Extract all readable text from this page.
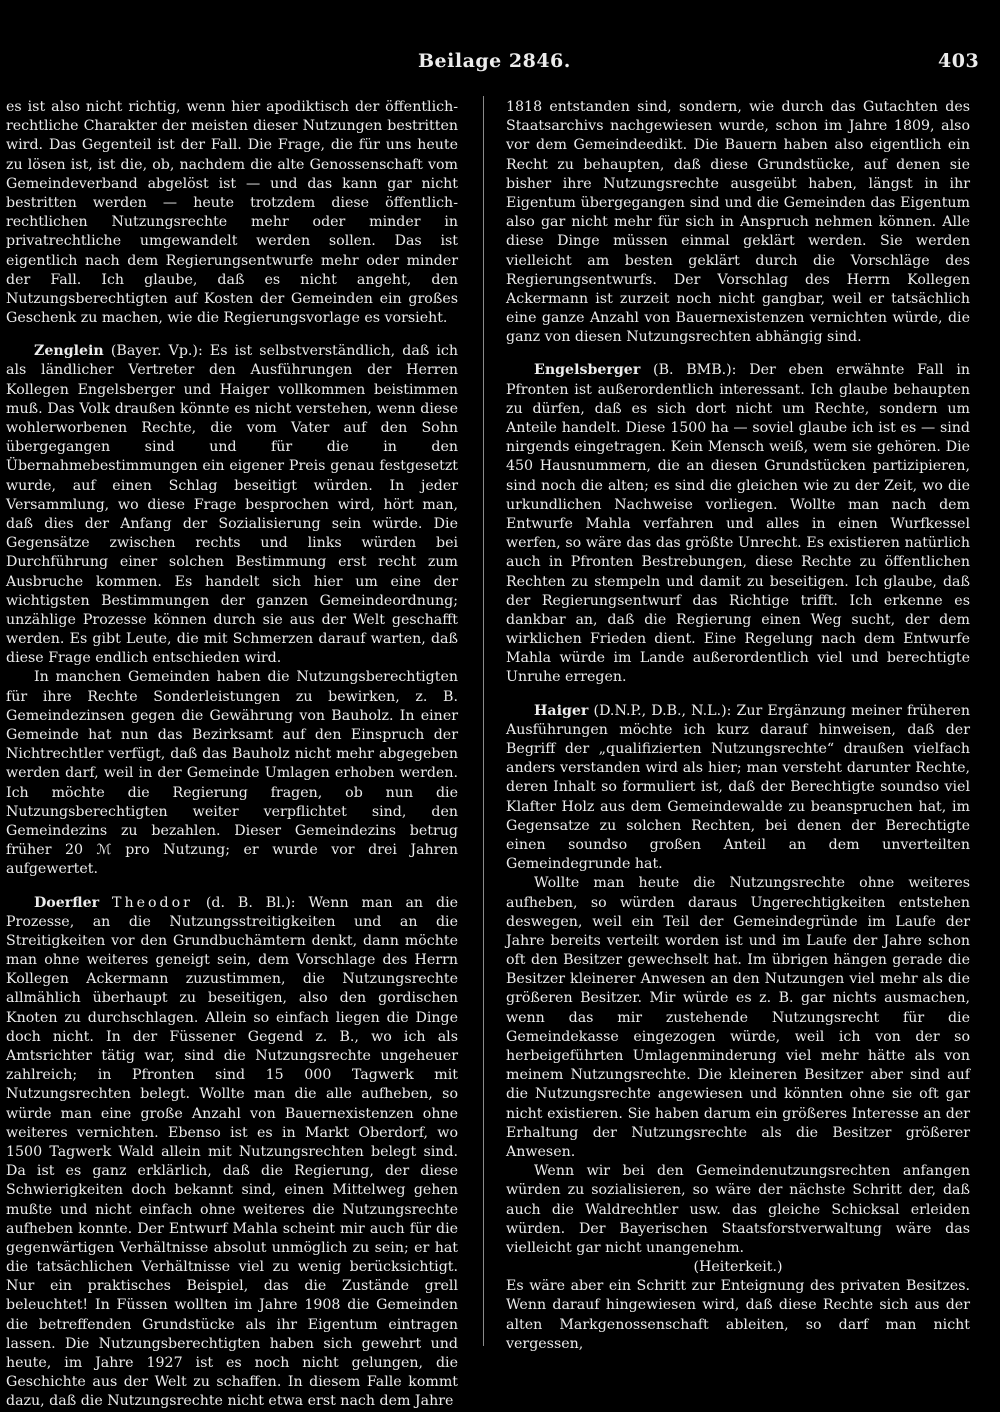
Beilage 2846.	403

es ist also nicht richtig, wenn hier apodiktisch der öffentlich-rechtliche Charakter der meisten dieser Nutzungen bestritten wird. Das Gegenteil ist der Fall. Die Frage, die für uns heute zu lösen ist, ist die, ob, nachdem die alte Genossenschaft vom Gemeindeverband abgelöst ist — und das kann gar nicht bestritten werden — heute trotzdem diese öffentlich-rechtlichen Nutzungsrechte mehr oder minder in privatrechtliche umgewandelt werden sollen. Das ist eigentlich nach dem Regierungsentwurfe mehr oder minder der Fall. Ich glaube, daß es nicht angeht, den Nutzungsberechtigten auf Kosten der Gemeinden ein großes Geschenk zu machen, wie die Regierungsvorlage es vorsieht.

Zenglein (Bayer. Vp.): Es ist selbstverständlich, daß ich als ländlicher Vertreter den Ausführungen der Herren Kollegen Engelsberger und Haiger vollkommen beistimmen muß. Das Volk draußen könnte es nicht verstehen, wenn diese wohlerworbenen Rechte, die vom Vater auf den Sohn übergegangen sind und für die in den Übernahmebestimmungen ein eigener Preis genau festgesetzt wurde, auf einen Schlag beseitigt würden. In jeder Versammlung, wo diese Frage besprochen wird, hört man, daß dies der Anfang der Sozialisierung sein würde. Die Gegensätze zwischen rechts und links würden bei Durchführung einer solchen Bestimmung erst recht zum Ausbruche kommen. Es handelt sich hier um eine der wichtigsten Bestimmungen der ganzen Gemeindeordnung; unzählige Prozesse können durch sie aus der Welt geschafft werden. Es gibt Leute, die mit Schmerzen darauf warten, daß diese Frage endlich entschieden wird.

In manchen Gemeinden haben die Nutzungsberechtigten für ihre Rechte Sonderleistungen zu bewirken, z. B. Gemeindezinsen gegen die Gewährung von Bauholz. In einer Gemeinde hat nun das Bezirksamt auf den Einspruch der Nichtrechtler verfügt, daß das Bauholz nicht mehr abgegeben werden darf, weil in der Gemeinde Umlagen erhoben werden. Ich möchte die Regierung fragen, ob nun die Nutzungsberechtigten weiter verpflichtet sind, den Gemeindezins zu bezahlen. Dieser Gemeindezins betrug früher 20 ℳ pro Nutzung; er wurde vor drei Jahren aufgewertet.

Doerfler Theodor (d. B. Bl.): Wenn man an die Prozesse, an die Nutzungsstreitigkeiten und an die Streitigkeiten vor den Grundbuchämtern denkt, dann möchte man ohne weiteres geneigt sein, dem Vorschlage des Herrn Kollegen Ackermann zuzustimmen, die Nutzungsrechte allmählich überhaupt zu beseitigen, also den gordischen Knoten zu durchschlagen. Allein so einfach liegen die Dinge doch nicht. In der Füssener Gegend z. B., wo ich als Amtsrichter tätig war, sind die Nutzungsrechte ungeheuer zahlreich; in Pfronten sind 15 000 Tagwerk mit Nutzungsrechten belegt. Wollte man die alle aufheben, so würde man eine große Anzahl von Bauernexistenzen ohne weiteres vernichten. Ebenso ist es in Markt Oberdorf, wo 1500 Tagwerk Wald allein mit Nutzungsrechten belegt sind. Da ist es ganz erklärlich, daß die Regierung, der diese Schwierigkeiten doch bekannt sind, einen Mittelweg gehen mußte und nicht einfach ohne weiteres die Nutzungsrechte aufheben konnte. Der Entwurf Mahla scheint mir auch für die gegenwärtigen Verhältnisse absolut unmöglich zu sein; er hat die tatsächlichen Verhältnisse viel zu wenig berücksichtigt. Nur ein praktisches Beispiel, das die Zustände grell beleuchtet! In Füssen wollten im Jahre 1908 die Gemeinden die betreffenden Grundstücke als ihr Eigentum eintragen lassen. Die Nutzungsberechtigten haben sich gewehrt und heute, im Jahre 1927 ist es noch nicht gelungen, die Geschichte aus der Welt zu schaffen. In diesem Falle kommt dazu, daß die Nutzungsrechte nicht etwa erst nach dem Jahre

1818 entstanden sind, sondern, wie durch das Gutachten des Staatsarchivs nachgewiesen wurde, schon im Jahre 1809, also vor dem Gemeindeedikt. Die Bauern haben also eigentlich ein Recht zu behaupten, daß diese Grundstücke, auf denen sie bisher ihre Nutzungsrechte ausgeübt haben, längst in ihr Eigentum übergegangen sind und die Gemeinden das Eigentum also gar nicht mehr für sich in Anspruch nehmen können. Alle diese Dinge müssen einmal geklärt werden. Sie werden vielleicht am besten geklärt durch die Vorschläge des Regierungsentwurfs. Der Vorschlag des Herrn Kollegen Ackermann ist zurzeit noch nicht gangbar, weil er tatsächlich eine ganze Anzahl von Bauernexistenzen vernichten würde, die ganz von diesen Nutzungsrechten abhängig sind.

Engelsberger (B. BMB.): Der eben erwähnte Fall in Pfronten ist außerordentlich interessant. Ich glaube behaupten zu dürfen, daß es sich dort nicht um Rechte, sondern um Anteile handelt. Diese 1500 ha — soviel glaube ich ist es — sind nirgends eingetragen. Kein Mensch weiß, wem sie gehören. Die 450 Hausnummern, die an diesen Grundstücken partizipieren, sind noch die alten; es sind die gleichen wie zu der Zeit, wo die urkundlichen Nachweise vorliegen. Wollte man nach dem Entwurfe Mahla verfahren und alles in einen Wurfkessel werfen, so wäre das das größte Unrecht. Es existieren natürlich auch in Pfronten Bestrebungen, diese Rechte zu öffentlichen Rechten zu stempeln und damit zu beseitigen. Ich glaube, daß der Regierungsentwurf das Richtige trifft. Ich erkenne es dankbar an, daß die Regierung einen Weg sucht, der dem wirklichen Frieden dient. Eine Regelung nach dem Entwurfe Mahla würde im Lande außerordentlich viel und berechtigte Unruhe erregen.

Haiger (D.N.P., D.B., N.L.): Zur Ergänzung meiner früheren Ausführungen möchte ich kurz darauf hinweisen, daß der Begriff der „qualifizierten Nutzungsrechte“ draußen vielfach anders verstanden wird als hier; man versteht darunter Rechte, deren Inhalt so formuliert ist, daß der Berechtigte soundso viel Klafter Holz aus dem Gemeindewalde zu beanspruchen hat, im Gegensatze zu solchen Rechten, bei denen der Berechtigte einen soundso großen Anteil an dem unverteilten Gemeindegrunde hat.

Wollte man heute die Nutzungsrechte ohne weiteres aufheben, so würden daraus Ungerechtigkeiten entstehen deswegen, weil ein Teil der Gemeindegründe im Laufe der Jahre bereits verteilt worden ist und im Laufe der Jahre schon oft den Besitzer gewechselt hat. Im übrigen hängen gerade die Besitzer kleinerer Anwesen an den Nutzungen viel mehr als die größeren Besitzer. Mir würde es z. B. gar nichts ausmachen, wenn das mir zustehende Nutzungsrecht für die Gemeindekasse eingezogen würde, weil ich von der so herbeigeführten Umlagenminderung viel mehr hätte als von meinem Nutzungsrechte. Die kleineren Besitzer aber sind auf die Nutzungsrechte angewiesen und könnten ohne sie oft gar nicht existieren. Sie haben darum ein größeres Interesse an der Erhaltung der Nutzungsrechte als die Besitzer größerer Anwesen.

Wenn wir bei den Gemeindenutzungsrechten anfangen würden zu sozialisieren, so wäre der nächste Schritt der, daß auch die Waldrechtler usw. das gleiche Schicksal erleiden würden. Der Bayerischen Staatsforstverwaltung wäre das vielleicht gar nicht unangenehm.

(Heiterkeit.)

Es wäre aber ein Schritt zur Enteignung des privaten Besitzes. Wenn darauf hingewiesen wird, daß diese Rechte sich aus der alten Markgenossenschaft ableiten, so darf man nicht vergessen,
